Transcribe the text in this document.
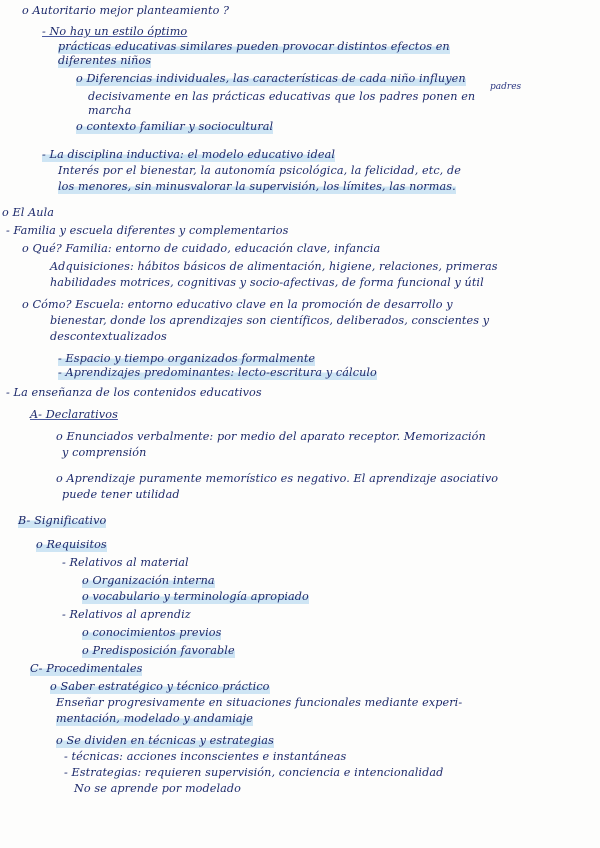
o Autoritario mejor planteamiento ?
- No hay un estilo óptimo
prácticas educativas similares pueden provocar distintos efectos en
diferentes niños
o Diferencias individuales, las características de cada niño influyen
padres
decisivamente en las prácticas educativas que los padres ponen en
marcha
o contexto familiar y sociocultural
- La disciplina inductiva: el modelo educativo ideal
Interés por el bienestar, la autonomía psicológica, la felicidad, etc, de
los menores, sin minusvalorar la supervisión, los límites, las normas.
o El Aula
- Familia y escuela diferentes y complementarios
o Qué? Familia: entorno de cuidado, educación clave, infancia
Adquisiciones: hábitos básicos de alimentación, higiene, relaciones, primeras
habilidades motrices, cognitivas y socio-afectivas, de forma funcional y útil
o Cómo? Escuela: entorno educativo clave en la promoción de desarrollo y
bienestar, donde los aprendizajes son científicos, deliberados, conscientes y
descontextualizados
- Espacio y tiempo organizados formalmente
- Aprendizajes predominantes: lecto-escritura y cálculo
- La enseñanza de los contenidos educativos
A- Declarativos
o Enunciados verbalmente: por medio del aparato receptor. Memorización
y comprensión
o Aprendizaje puramente memorístico es negativo. El aprendizaje asociativo
puede tener utilidad
B- Significativo
o Requisitos
- Relativos al material
o Organización interna
o vocabulario y terminología apropiado
- Relativos al aprendiz
o conocimientos previos
o Predisposición favorable
C- Procedimentales
o Saber estratégico y técnico práctico
Enseñar progresivamente en situaciones funcionales mediante experi-
mentación, modelado y andamiaje
o Se dividen en técnicas y estrategias
- técnicas: acciones inconscientes e instantáneas
- Estrategias: requieren supervisión, conciencia e intencionalidad
No se aprende por modelado
